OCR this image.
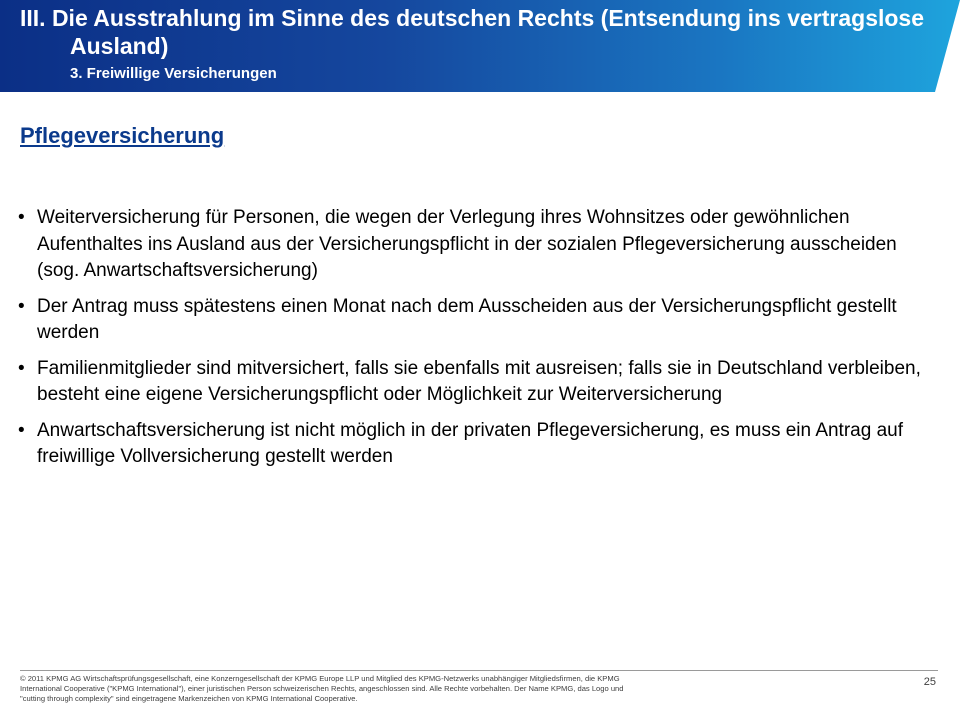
III. Die Ausstrahlung im Sinne des deutschen Rechts (Entsendung ins vertragslose Ausland)

3. Freiwillige Versicherungen

Pflegeversicherung
• Weiterversicherung für Personen, die wegen der Verlegung ihres Wohnsitzes oder gewöhnlichen Aufenthaltes ins Ausland aus der Versicherungspflicht in der sozialen Pflegeversicherung ausscheiden (sog. Anwartschaftsversicherung)
• Der Antrag muss spätestens einen Monat nach dem Ausscheiden aus der Versicherungspflicht gestellt werden
• Familienmitglieder sind mitversichert, falls sie ebenfalls mit ausreisen; falls sie in Deutschland verbleiben, besteht eine eigene Versicherungspflicht oder Möglichkeit zur Weiterversicherung
• Anwartschaftsversicherung ist nicht möglich in der privaten Pflegeversicherung, es muss ein Antrag auf freiwillige Vollversicherung gestellt werden

© 2011 KPMG AG Wirtschaftsprüfungsgesellschaft, eine Konzerngesellschaft der KPMG Europe LLP und Mitglied des KPMG-Netzwerks unabhängiger Mitgliedsfirmen, die KPMG International Cooperative ("KPMG International"), einer juristischen Person schweizerischen Rechts, angeschlossen sind. Alle Rechte vorbehalten. Der Name KPMG, das Logo und "cutting through complexity" sind eingetragene Markenzeichen von KPMG International Cooperative.

25
